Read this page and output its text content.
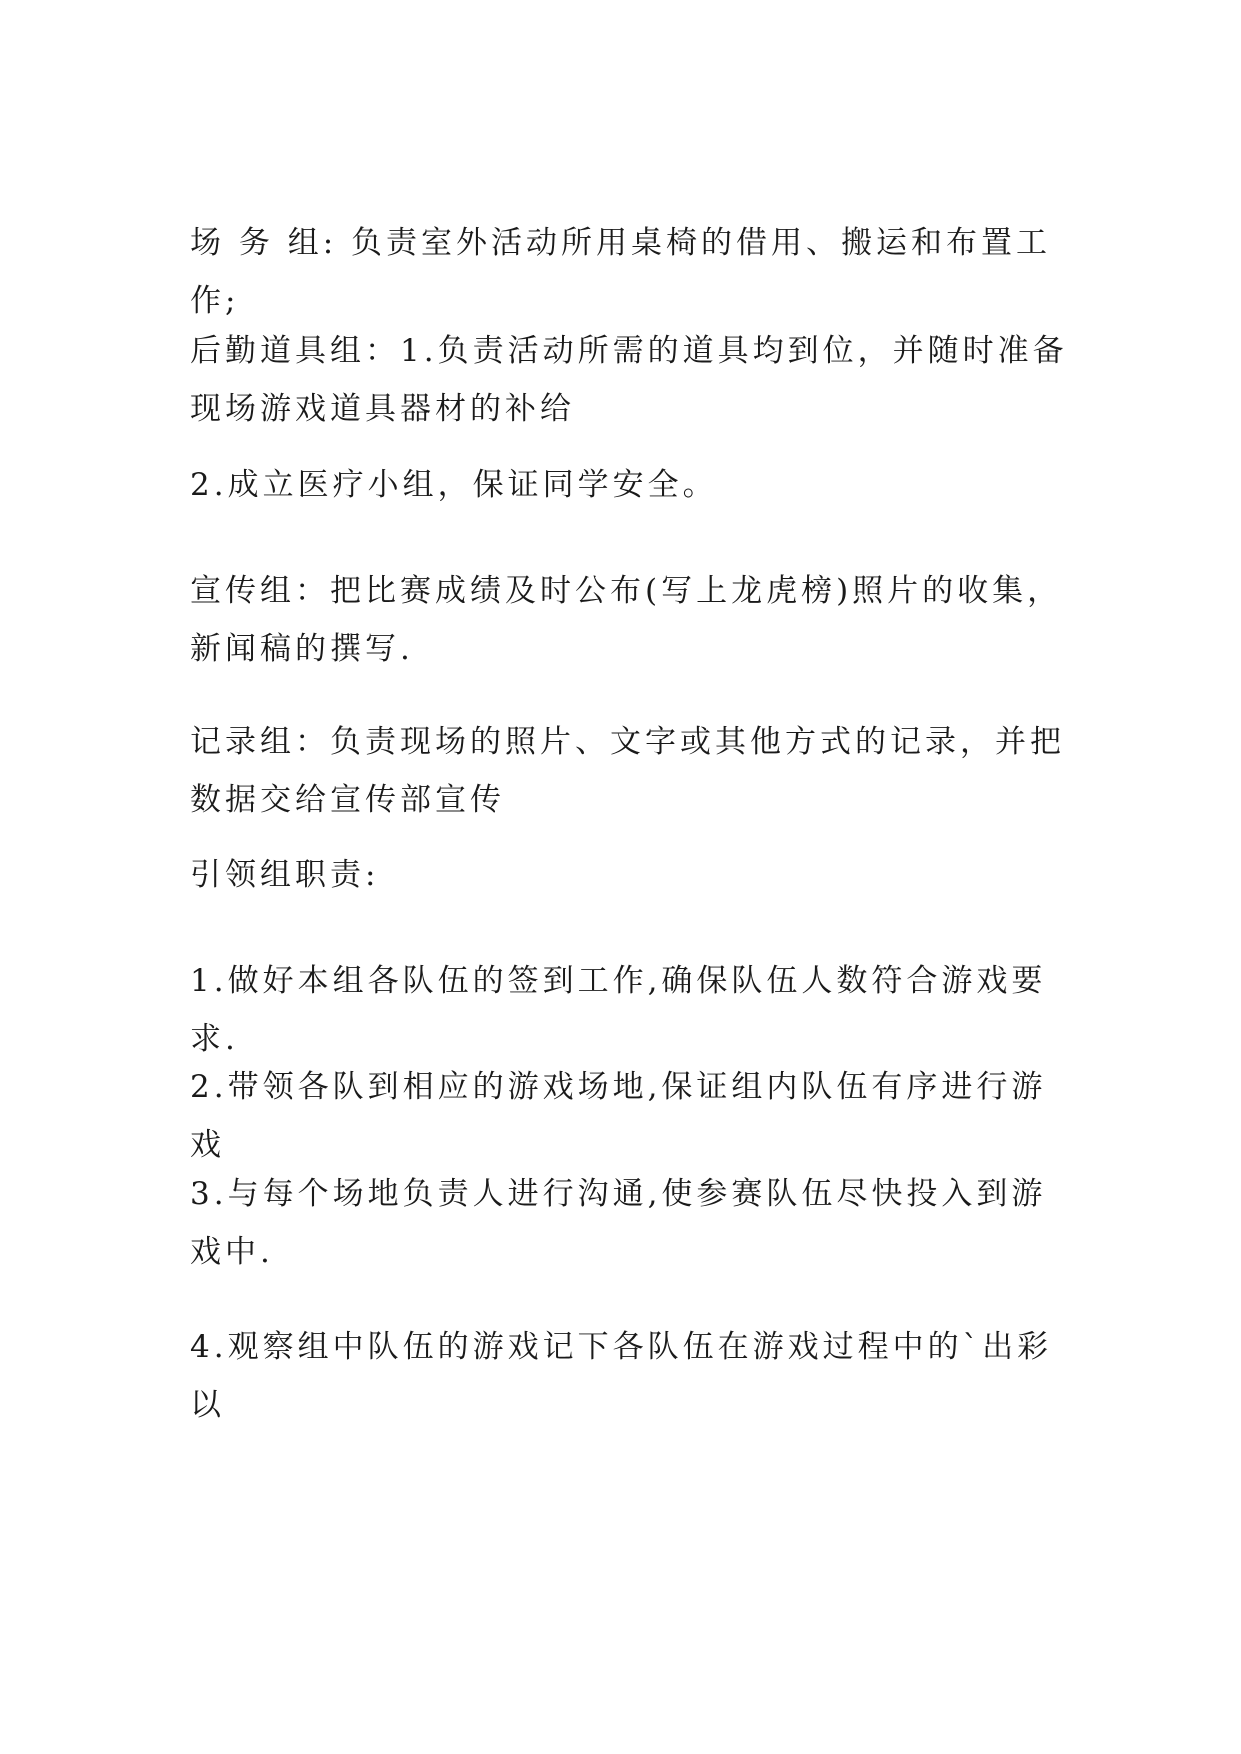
场 务 组: 负责室外活动所用桌椅的借用、搬运和布置工作;

后勤道具组：1.负责活动所需的道具均到位，并随时准备现场游戏道具器材的补给

2.成立医疗小组，保证同学安全。

宣传组：把比赛成绩及时公布(写上龙虎榜)照片的收集，新闻稿的撰写.

记录组：负责现场的照片、文字或其他方式的记录，并把数据交给宣传部宣传

引领组职责:

1.做好本组各队伍的签到工作,确保队伍人数符合游戏要求.

2.带领各队到相应的游戏场地,保证组内队伍有序进行游戏

3.与每个场地负责人进行沟通,使参赛队伍尽快投入到游戏中.

4.观察组中队伍的游戏记下各队伍在游戏过程中的`出彩以
